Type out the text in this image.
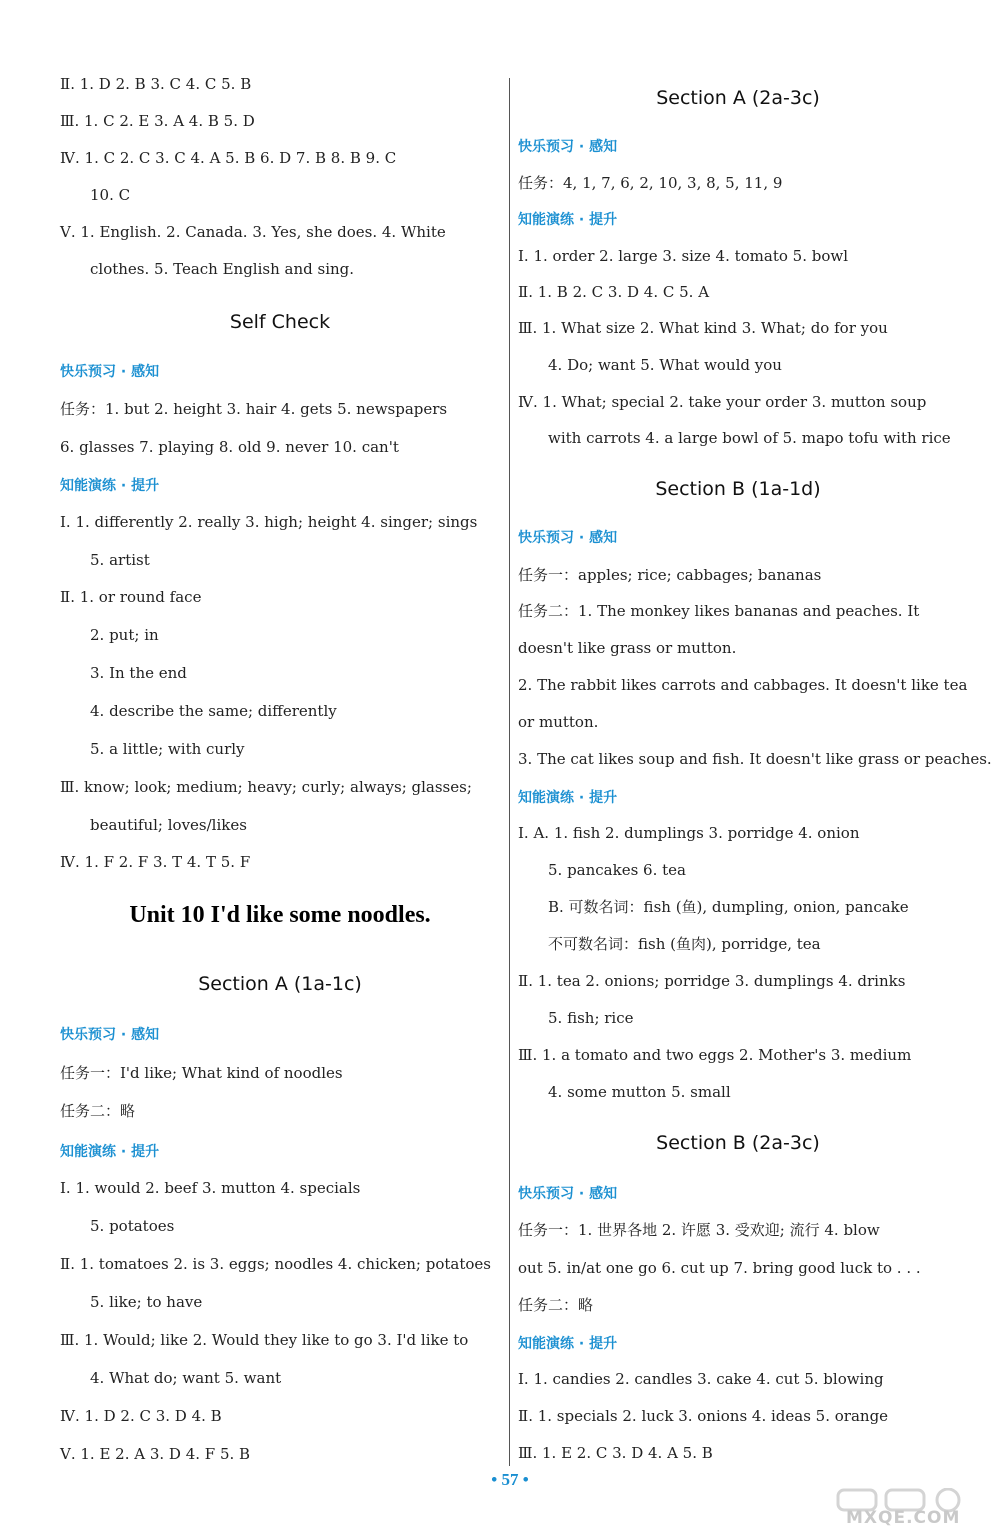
Ⅱ. 1. D 2. B 3. C 4. C 5. B
Ⅲ. 1. C 2. E 3. A 4. B 5. D
Ⅳ. 1. C 2. C 3. C 4. A 5. B 6. D 7. B 8. B 9. C
10. C
Ⅴ. 1. English. 2. Canada. 3. Yes, she does. 4. White
clothes. 5. Teach English and sing.
Self Check
快乐预习 · 感知
任务：1. but 2. height 3. hair 4. gets 5. newspapers
6. glasses 7. playing 8. old 9. never 10. can't
知能演练 · 提升
Ⅰ. 1. differently 2. really 3. high; height 4. singer; sings
5. artist
Ⅱ. 1. or round face
2. put; in
3. In the end
4. describe the same; differently
5. a little; with curly
Ⅲ. know; look; medium; heavy; curly; always; glasses;
beautiful; loves/likes
Ⅳ. 1. F 2. F 3. T 4. T 5. F
Unit 10 I'd like some noodles.
Section A (1a-1c)
快乐预习 · 感知
任务一：I'd like; What kind of noodles
任务二：略
知能演练 · 提升
Ⅰ. 1. would 2. beef 3. mutton 4. specials
5. potatoes
Ⅱ. 1. tomatoes 2. is 3. eggs; noodles 4. chicken; potatoes
5. like; to have
Ⅲ. 1. Would; like 2. Would they like to go 3. I'd like to
4. What do; want 5. want
Ⅳ. 1. D 2. C 3. D 4. B
Ⅴ. 1. E 2. A 3. D 4. F 5. B
Section A (2a-3c)
快乐预习 · 感知
任务：4, 1, 7, 6, 2, 10, 3, 8, 5, 11, 9
知能演练 · 提升
Ⅰ. 1. order 2. large 3. size 4. tomato 5. bowl
Ⅱ. 1. B 2. C 3. D 4. C 5. A
Ⅲ. 1. What size 2. What kind 3. What; do for you
4. Do; want 5. What would you
Ⅳ. 1. What; special 2. take your order 3. mutton soup
with carrots 4. a large bowl of 5. mapo tofu with rice
Section B (1a-1d)
快乐预习 · 感知
任务一：apples; rice; cabbages; bananas
任务二：1. The monkey likes bananas and peaches. It
doesn't like grass or mutton.
2. The rabbit likes carrots and cabbages. It doesn't like tea
or mutton.
3. The cat likes soup and fish. It doesn't like grass or peaches.
知能演练 · 提升
Ⅰ. A. 1. fish 2. dumplings 3. porridge 4. onion
5. pancakes 6. tea
B. 可数名词：fish (鱼), dumpling, onion, pancake
不可数名词：fish (鱼肉), porridge, tea
Ⅱ. 1. tea 2. onions; porridge 3. dumplings 4. drinks
5. fish; rice
Ⅲ. 1. a tomato and two eggs 2. Mother's 3. medium
4. some mutton 5. small
Section B (2a-3c)
快乐预习 · 感知
任务一：1. 世界各地 2. 许愿 3. 受欢迎; 流行 4. blow
out 5. in/at one go 6. cut up 7. bring good luck to . . .
任务二：略
知能演练 · 提升
Ⅰ. 1. candies 2. candles 3. cake 4. cut 5. blowing
Ⅱ. 1. specials 2. luck 3. onions 4. ideas 5. orange
Ⅲ. 1. E 2. C 3. D 4. A 5. B
• 57 •
MXQE.COM
